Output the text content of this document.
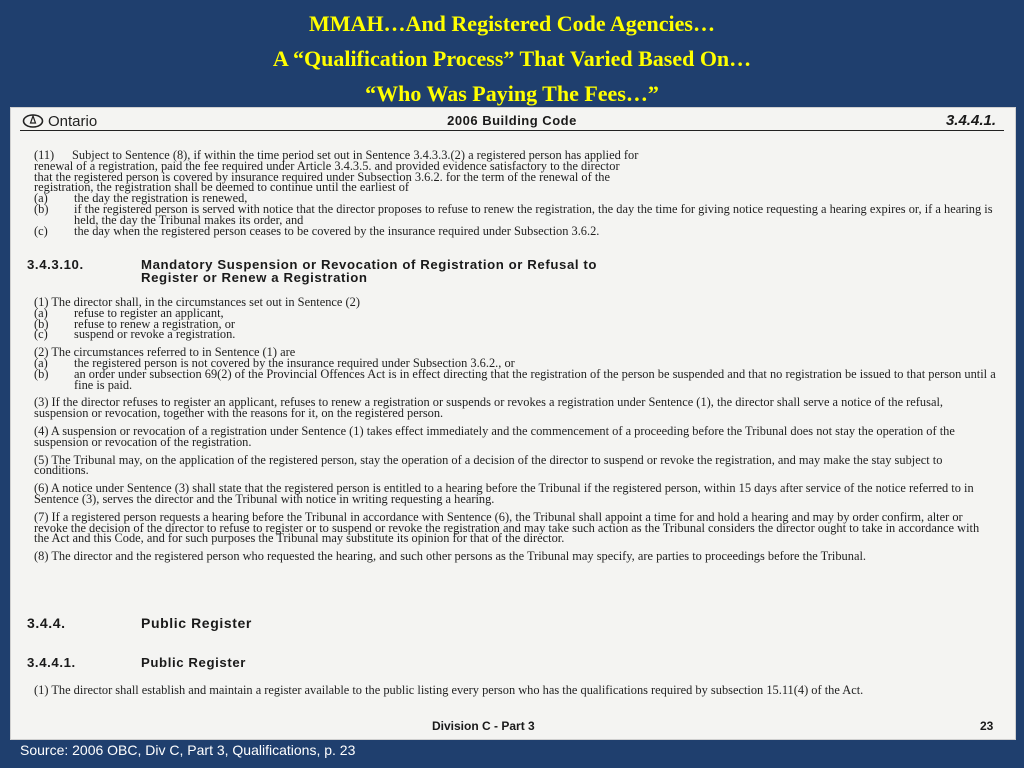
MMAH…And Registered Code Agencies…
A “Qualification Process” That Varied Based On…
“Who Was Paying The Fees…”
Ontario	2006 Building Code	3.4.4.1.
(11)	Subject to Sentence (8), if within the time period set out in Sentence 3.4.3.3.(2) a registered person has applied for
renewal of a registration, paid the fee required under Article 3.4.3.5. and provided evidence satisfactory to the director
that the registered person is covered by insurance required under Subsection 3.6.2. for the term of the renewal of the
registration, the registration shall be deemed to continue until the earliest of
(a)	the day the registration is renewed,
(b)	if the registered person is served with notice that the director proposes to refuse to renew the registration, the day the time for giving notice requesting a hearing expires or, if a hearing is held, the day the Tribunal makes its order, and
(c)	the day when the registered person ceases to be covered by the insurance required under Subsection 3.6.2.
3.4.3.10.	Mandatory Suspension or Revocation of Registration or Refusal to
Register or Renew a Registration
(1) The director shall, in the circumstances set out in Sentence (2)
(a)	refuse to register an applicant,
(b)	refuse to renew a registration, or
(c)	suspend or revoke a registration.
(2) The circumstances referred to in Sentence (1) are
(a)	the registered person is not covered by the insurance required under Subsection 3.6.2., or
(b)	an order under subsection 69(2) of the Provincial Offences Act is in effect directing that the registration of the person be suspended and that no registration be issued to that person until a fine is paid.
(3) If the director refuses to register an applicant, refuses to renew a registration or suspends or revokes a registration under Sentence (1), the director shall serve a notice of the refusal, suspension or revocation, together with the reasons for it, on the registered person.
(4) A suspension or revocation of a registration under Sentence (1) takes effect immediately and the commencement of a proceeding before the Tribunal does not stay the operation of the suspension or revocation of the registration.
(5) The Tribunal may, on the application of the registered person, stay the operation of a decision of the director to suspend or revoke the registration, and may make the stay subject to conditions.
(6) A notice under Sentence (3) shall state that the registered person is entitled to a hearing before the Tribunal if the registered person, within 15 days after service of the notice referred to in Sentence (3), serves the director and the Tribunal with notice in writing requesting a hearing.
(7) If a registered person requests a hearing before the Tribunal in accordance with Sentence (6), the Tribunal shall appoint a time for and hold a hearing and may by order confirm, alter or revoke the decision of the director to refuse to register or to suspend or revoke the registration and may take such action as the Tribunal considers the director ought to take in accordance with the Act and this Code, and for such purposes the Tribunal may substitute its opinion for that of the director.
(8) The director and the registered person who requested the hearing, and such other persons as the Tribunal may specify, are parties to proceedings before the Tribunal.
3.4.4.	Public Register
3.4.4.1.	Public Register
(1) The director shall establish and maintain a register available to the public listing every person who has the qualifications required by subsection 15.11(4) of the Act.
Division C - Part 3	23
Source: 2006 OBC, Div C, Part 3, Qualifications, p. 23
